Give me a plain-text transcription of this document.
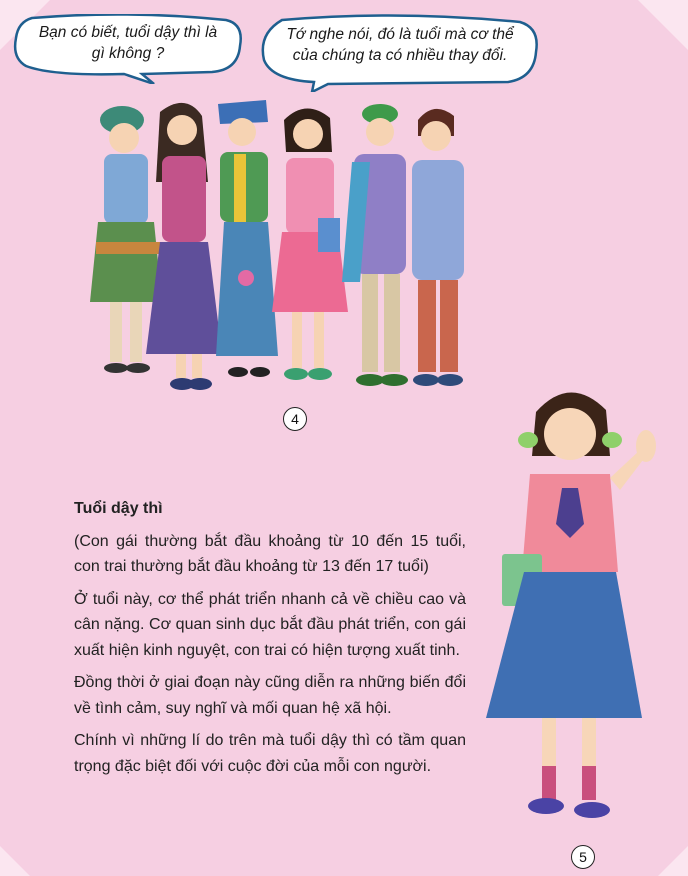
Bạn có biết, tuổi dậy thì là
gì không ?
Tớ nghe nói, đó là tuổi mà cơ thể
của chúng ta có nhiều thay đổi.
4
5
Tuổi dậy thì

(Con gái thường bắt đầu khoảng từ 10 đến 15 tuổi, con trai thường bắt đầu khoảng từ 13 đến 17 tuổi)

Ở tuổi này, cơ thể phát triển nhanh cả về chiều cao và cân nặng. Cơ quan sinh dục bắt đầu phát triển, con gái xuất hiện kinh nguyệt, con trai có hiện tượng xuất tinh.

Đồng thời ở giai đoạn này cũng diễn ra những biến đổi về tình cảm, suy nghĩ và mối quan hệ xã hội.

Chính vì những lí do trên mà tuổi dậy thì có tầm quan trọng đặc biệt đối với cuộc đời của mỗi con người.
